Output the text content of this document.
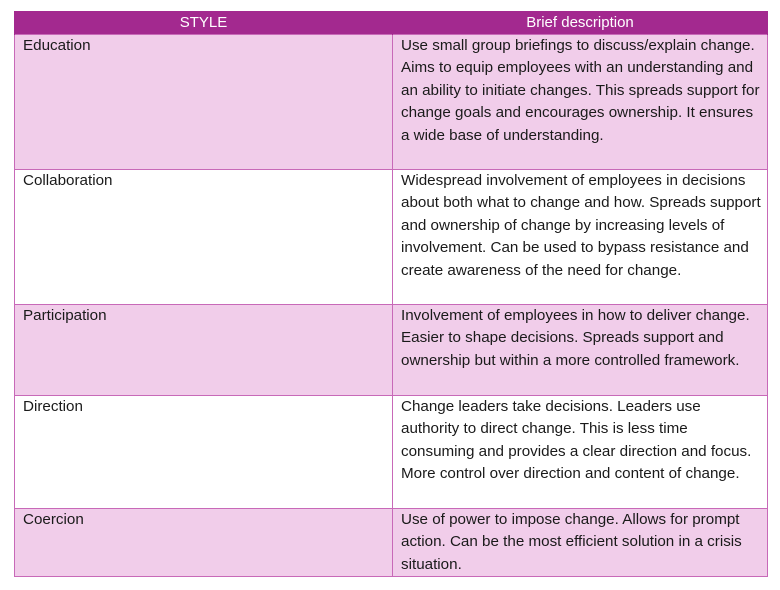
STYLE	Brief description
Education	Use small group briefings to discuss/explain change. Aims to equip employees with an understanding and an ability to initiate changes. This spreads support for change goals and encourages ownership. It ensures a wide base of understanding.
Collaboration	Widespread involvement of employees in decisions about both what to change and how. Spreads support and ownership of change by increasing levels of involvement. Can be used to bypass resistance and create awareness of the need for change.
Participation	Involvement of employees in how to deliver change. Easier to shape decisions. Spreads support and ownership but within a more controlled framework.
Direction	Change leaders take decisions. Leaders use authority to direct change. This is less time consuming and provides a clear direction and focus. More control over direction and content of change.
Coercion	Use of power to impose change. Allows for prompt action. Can be the most efficient solution in a crisis situation.
